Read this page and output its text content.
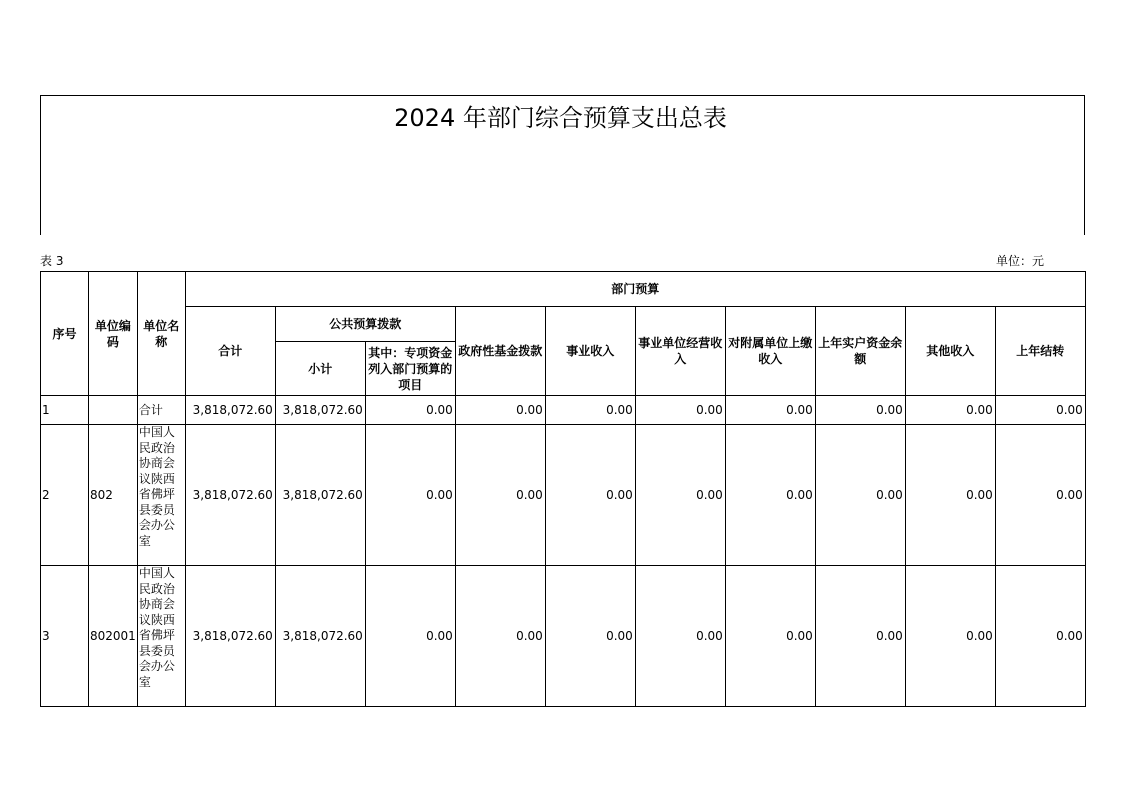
2024 年部门综合预算支出总表
表 3	单位：元
序号	单位编码	单位名称	部门预算									
			合计	公共预算拨款		政府性基金拨款	事业收入	事业单位经营收入	对附属单位上缴收入	上年实户资金余额	其他收入	上年结转
				小计	其中：专项资金列入部门预算的项目							
1		合计	3,818,072.60	3,818,072.60	0.00	0.00	0.00	0.00	0.00	0.00	0.00	0.00
2	802	中国人民政治协商会议陕西省佛坪县委员会办公室	3,818,072.60	3,818,072.60	0.00	0.00	0.00	0.00	0.00	0.00	0.00	0.00
3	802001	中国人民政治协商会议陕西省佛坪县委员会办公室	3,818,072.60	3,818,072.60	0.00	0.00	0.00	0.00	0.00	0.00	0.00	0.00
